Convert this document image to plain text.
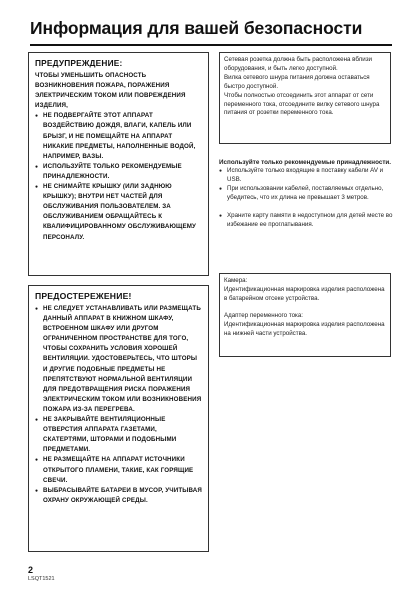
Информация для вашей безопасности
ПРЕДУПРЕЖДЕНИЕ:

ЧТОБЫ УМЕНЬШИТЬ ОПАСНОСТЬ ВОЗНИКНОВЕНИЯ ПОЖАРА, ПОРАЖЕНИЯ ЭЛЕКТРИЧЕСКИМ ТОКОМ ИЛИ ПОВРЕЖДЕНИЯ ИЗДЕЛИЯ,

● НЕ ПОДВЕРГАЙТЕ ЭТОТ АППАРАТ ВОЗДЕЙСТВИЮ ДОЖДЯ, ВЛАГИ, КАПЕЛЬ ИЛИ БРЫЗГ, И НЕ ПОМЕЩАЙТЕ НА АППАРАТ НИКАКИЕ ПРЕДМЕТЫ, НАПОЛНЕННЫЕ ВОДОЙ, НАПРИМЕР, ВАЗЫ.
● ИСПОЛЬЗУЙТЕ ТОЛЬКО РЕКОМЕНДУЕМЫЕ ПРИНАДЛЕЖНОСТИ.
● НЕ СНИМАЙТЕ КРЫШКУ (ИЛИ ЗАДНЮЮ КРЫШКУ); ВНУТРИ НЕТ ЧАСТЕЙ ДЛЯ ОБСЛУЖИВАНИЯ ПОЛЬЗОВАТЕЛЕМ. ЗА ОБСЛУЖИВАНИЕМ ОБРАЩАЙТЕСЬ К КВАЛИФИЦИРОВАННОМУ ОБСЛУЖИВАЮЩЕМУ ПЕРСОНАЛУ.
ПРЕДОСТЕРЕЖЕНИЕ!
● НЕ СЛЕДУЕТ УСТАНАВЛИВАТЬ ИЛИ РАЗМЕЩАТЬ ДАННЫЙ АППАРАТ В КНИЖНОМ ШКАФУ, ВСТРОЕННОМ ШКАФУ ИЛИ ДРУГОМ ОГРАНИЧЕННОМ ПРОСТРАНСТВЕ ДЛЯ ТОГО, ЧТОБЫ СОХРАНИТЬ УСЛОВИЯ ХОРОШЕЙ ВЕНТИЛЯЦИИ. УДОСТОВЕРЬТЕСЬ, ЧТО ШТОРЫ И ДРУГИЕ ПОДОБНЫЕ ПРЕДМЕТЫ НЕ ПРЕПЯТСТВУЮТ НОРМАЛЬНОЙ ВЕНТИЛЯЦИИ ДЛЯ ПРЕДОТВРАЩЕНИЯ РИСКА ПОРАЖЕНИЯ ЭЛЕКТРИЧЕСКИМ ТОКОМ ИЛИ ВОЗНИКНОВЕНИЯ ПОЖАРА ИЗ-ЗА ПЕРЕГРЕВА.
● НЕ ЗАКРЫВАЙТЕ ВЕНТИЛЯЦИОННЫЕ ОТВЕРСТИЯ АППАРАТА ГАЗЕТАМИ, СКАТЕРТЯМИ, ШТОРАМИ И ПОДОБНЫМИ ПРЕДМЕТАМИ.
● НЕ РАЗМЕЩАЙТЕ НА АППАРАТ ИСТОЧНИКИ ОТКРЫТОГО ПЛАМЕНИ, ТАКИЕ, КАК ГОРЯЩИЕ СВЕЧИ.
● ВЫБРАСЫВАЙТЕ БАТАРЕИ В МУСОР, УЧИТЫВАЯ ОХРАНУ ОКРУЖАЮЩЕЙ СРЕДЫ.

Сетевая розетка должна быть расположена вблизи оборудования, и быть легко доступной.

Вилка сетевого шнура питания должна оставаться быстро доступной.

Чтобы полностью отсоединить этот аппарат от сети переменного тока, отсоедините вилку сетевого шнура питания от розетки переменного тока.

Используйте только рекомендуемые принадлежности.

● Используйте только входящие в поставку кабели AV и USB.
● При использовании кабелей, поставляемых отдельно, убедитесь, что их длина не превышает 3 метров.
● Храните карту памяти в недоступном для детей месте во избежание ее проглатывания.

Камера:

Идентификационная маркировка изделия расположена в батарейном отсеке устройства.

Адаптер переменного тока:

Идентификационная маркировка изделия расположена на нижней части устройства.

2
LSQT1521
